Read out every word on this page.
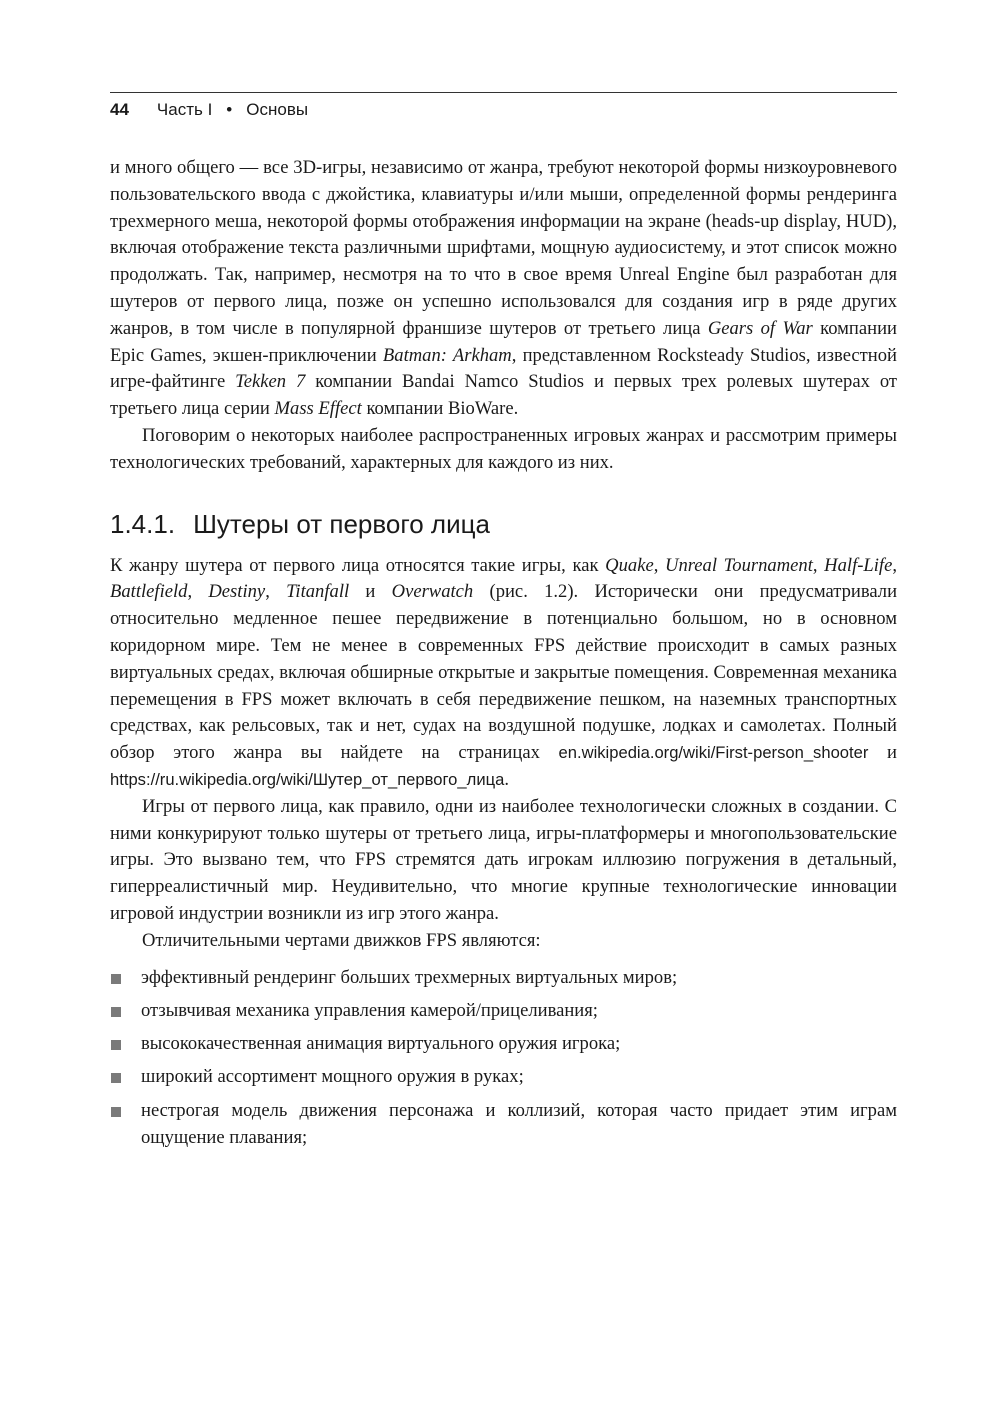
44 Часть I • Основы

и много общего — все 3D-игры, независимо от жанра, требуют некоторой формы низкоуровневого пользовательского ввода с джойстика, клавиатуры и/или мыши, определенной формы рендеринга трехмерного меша, некоторой формы отображения информации на экране (heads-up display, HUD), включая отображение текста различными шрифтами, мощную аудиосистему, и этот список можно продолжать. Так, например, несмотря на то что в свое время Unreal Engine был разработан для шутеров от первого лица, позже он успешно использовался для создания игр в ряде других жанров, в том числе в популярной франшизе шутеров от третьего лица Gears of War компании Epic Games, экшен-приключении Batman: Arkham, представленном Rocksteady Studios, известной игре-файтинге Tekken 7 компании Bandai Namco Studios и первых трех ролевых шутерах от третьего лица серии Mass Effect компании BioWare.

Поговорим о некоторых наиболее распространенных игровых жанрах и рассмотрим примеры технологических требований, характерных для каждого из них.

1.4.1. Шутеры от первого лица

К жанру шутера от первого лица относятся такие игры, как Quake, Unreal Tournament, Half-Life, Battlefield, Destiny, Titanfall и Overwatch (рис. 1.2). Исторически они предусматривали относительно медленное пешее передвижение в потенциально большом, но в основном коридорном мире. Тем не менее в современных FPS действие происходит в самых разных виртуальных средах, включая обширные открытые и закрытые помещения. Современная механика перемещения в FPS может включать в себя передвижение пешком, на наземных транспортных средствах, как рельсовых, так и нет, судах на воздушной подушке, лодках и самолетах. Полный обзор этого жанра вы найдете на страницах en.wikipedia.org/wiki/First-person_shooter и https://ru.wikipedia.org/wiki/Шутер_от_первого_лица.

Игры от первого лица, как правило, одни из наиболее технологически сложных в создании. С ними конкурируют только шутеры от третьего лица, игры-платформеры и многопользовательские игры. Это вызвано тем, что FPS стремятся дать игрокам иллюзию погружения в детальный, гиперреалистичный мир. Неудивительно, что многие крупные технологические инновации игровой индустрии возникли из игр этого жанра.

Отличительными чертами движков FPS являются:

эффективный рендеринг больших трехмерных виртуальных миров;
отзывчивая механика управления камерой/прицеливания;
высококачественная анимация виртуального оружия игрока;
широкий ассортимент мощного оружия в руках;
нестрогая модель движения персонажа и коллизий, которая часто придает этим играм ощущение плавания;
